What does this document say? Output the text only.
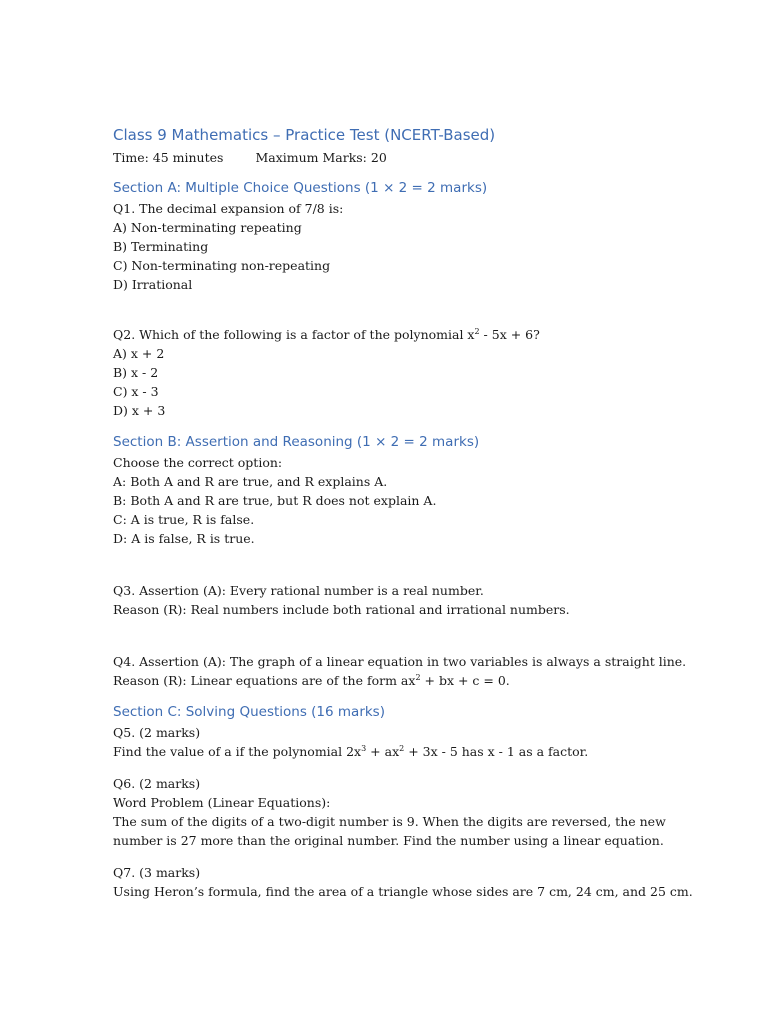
Class 9 Mathematics – Practice Test (NCERT-Based)
Time: 45 minutes	Maximum Marks: 20
Section A: Multiple Choice Questions (1 × 2 = 2 marks)

Q1. The decimal expansion of 7/8 is:

A) Non-terminating repeating

B) Terminating

C) Non-terminating non-repeating

D) Irrational

Q2. Which of the following is a factor of the polynomial $x^2 - 5x + 6$?

A) x + 2

B) x - 2

C) x - 3

D) x + 3

Section B: Assertion and Reasoning (1 × 2 = 2 marks)

Choose the correct option:

A: Both A and R are true, and R explains A.

B: Both A and R are true, but R does not explain A.

C: A is true, R is false.

D: A is false, R is true.

Q3. Assertion (A): Every rational number is a real number.

Reason (R): Real numbers include both rational and irrational numbers.

Q4. Assertion (A): The graph of a linear equation in two variables is always a straight line.

Reason (R): Linear equations are of the form $ax^2$ + bx + c = 0.

Section C: Solving Questions (16 marks)

Q5. (2 marks)

Find the value of a if the polynomial $2x^3 + ax^2 + 3x - 5$ has x - 1 as a factor.

Q6. (2 marks)

Word Problem (Linear Equations):

The sum of the digits of a two-digit number is 9. When the digits are reversed, the new

number is 27 more than the original number. Find the number using a linear equation.

Q7. (3 marks)

Using Heron’s formula, find the area of a triangle whose sides are 7 cm, 24 cm, and 25 cm.
